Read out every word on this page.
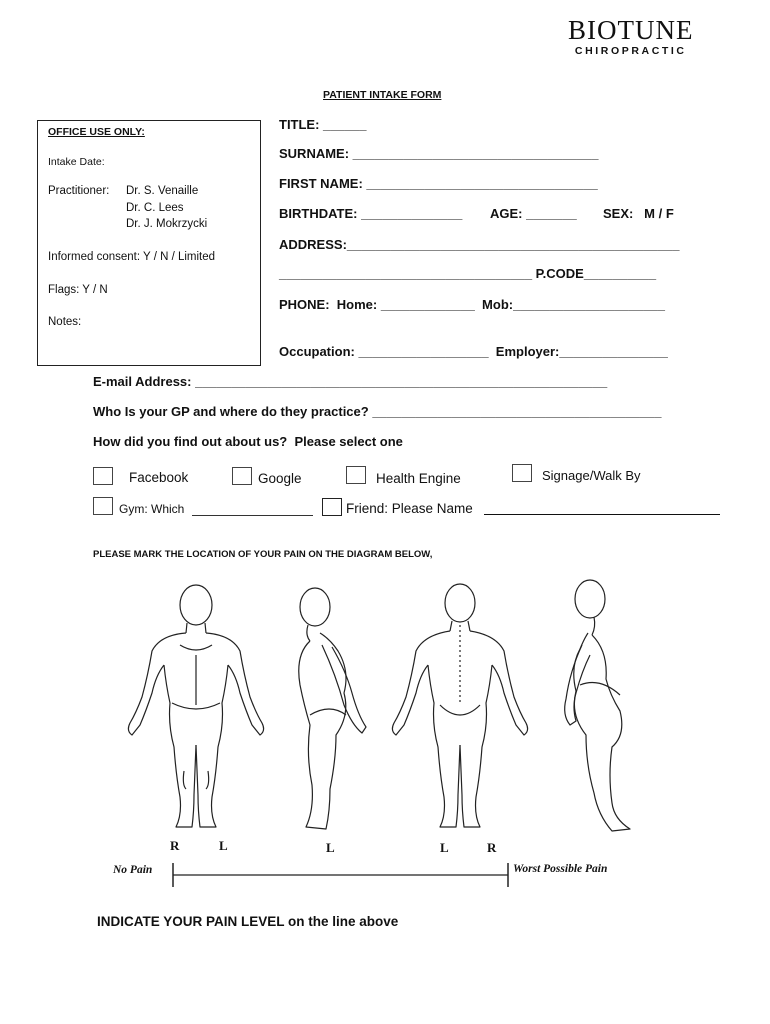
BIOTUNE
CHIROPRACTIC
PATIENT INTAKE FORM
OFFICE USE ONLY:
Intake Date:
Practitioner: Dr. S. Venaille
Dr. C. Lees
Dr. J. Mokrzycki
Informed consent: Y / N / Limited
Flags: Y / N
Notes:
TITLE: ______
SURNAME: __________________________________
FIRST NAME: ________________________________
BIRTHDATE: ______________ AGE: _______ SEX:   M / F
ADDRESS:______________________________________________
___________________________________ P.CODE__________
PHONE:  Home: _____________  Mob:_____________________
Occupation: __________________  Employer:_______________
E-mail Address: _________________________________________________________
Who Is your GP and where do they practice? ________________________________________
How did you find out about us?  Please select one
Facebook	Google	Health Engine	Signage/Walk By
Gym: Which	Friend: Please Name
PLEASE MARK THE LOCATION OF YOUR PAIN ON THE DIAGRAM BELOW,
R	L	L	L	R
No Pain	Worst Possible Pain
INDICATE YOUR PAIN LEVEL on the line above
